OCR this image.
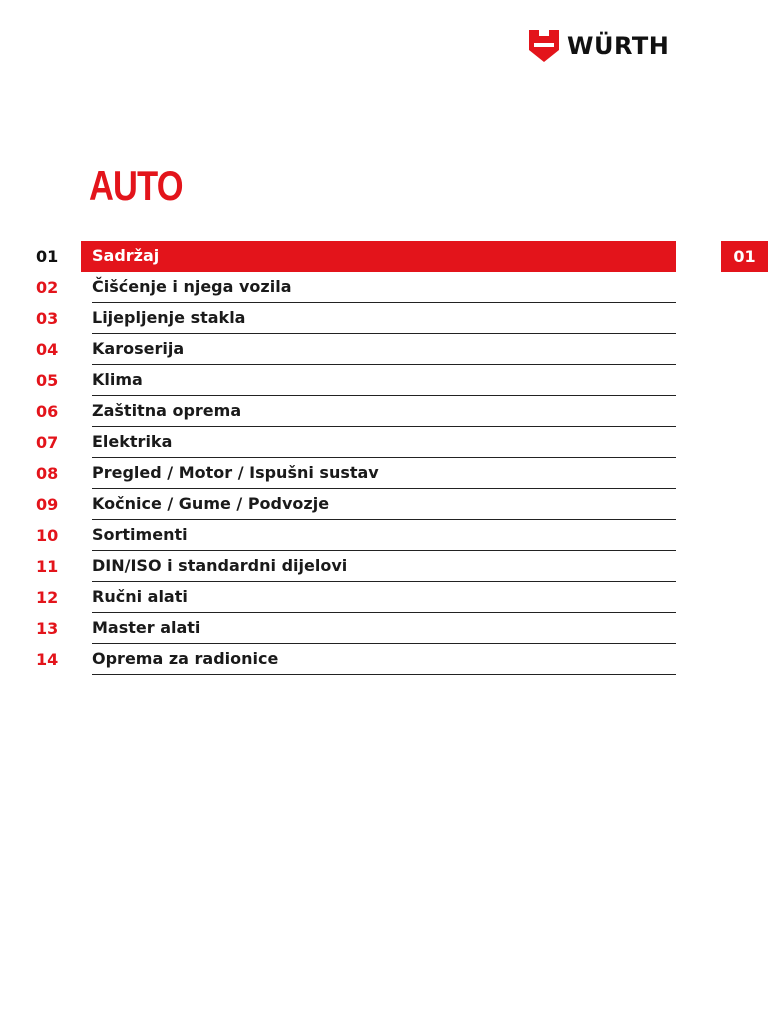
WÜRTH
AUTO
01	Sadržaj
02	Čišćenje i njega vozila
03	Lijepljenje stakla
04	Karoserija
05	Klima
06	Zaštitna oprema
07	Elektrika
08	Pregled / Motor / Ispušni sustav
09	Kočnice / Gume / Podvozje
10	Sortimenti
11	DIN/ISO i standardni dijelovi
12	Ručni alati
13	Master alati
14	Oprema za radionice
01
